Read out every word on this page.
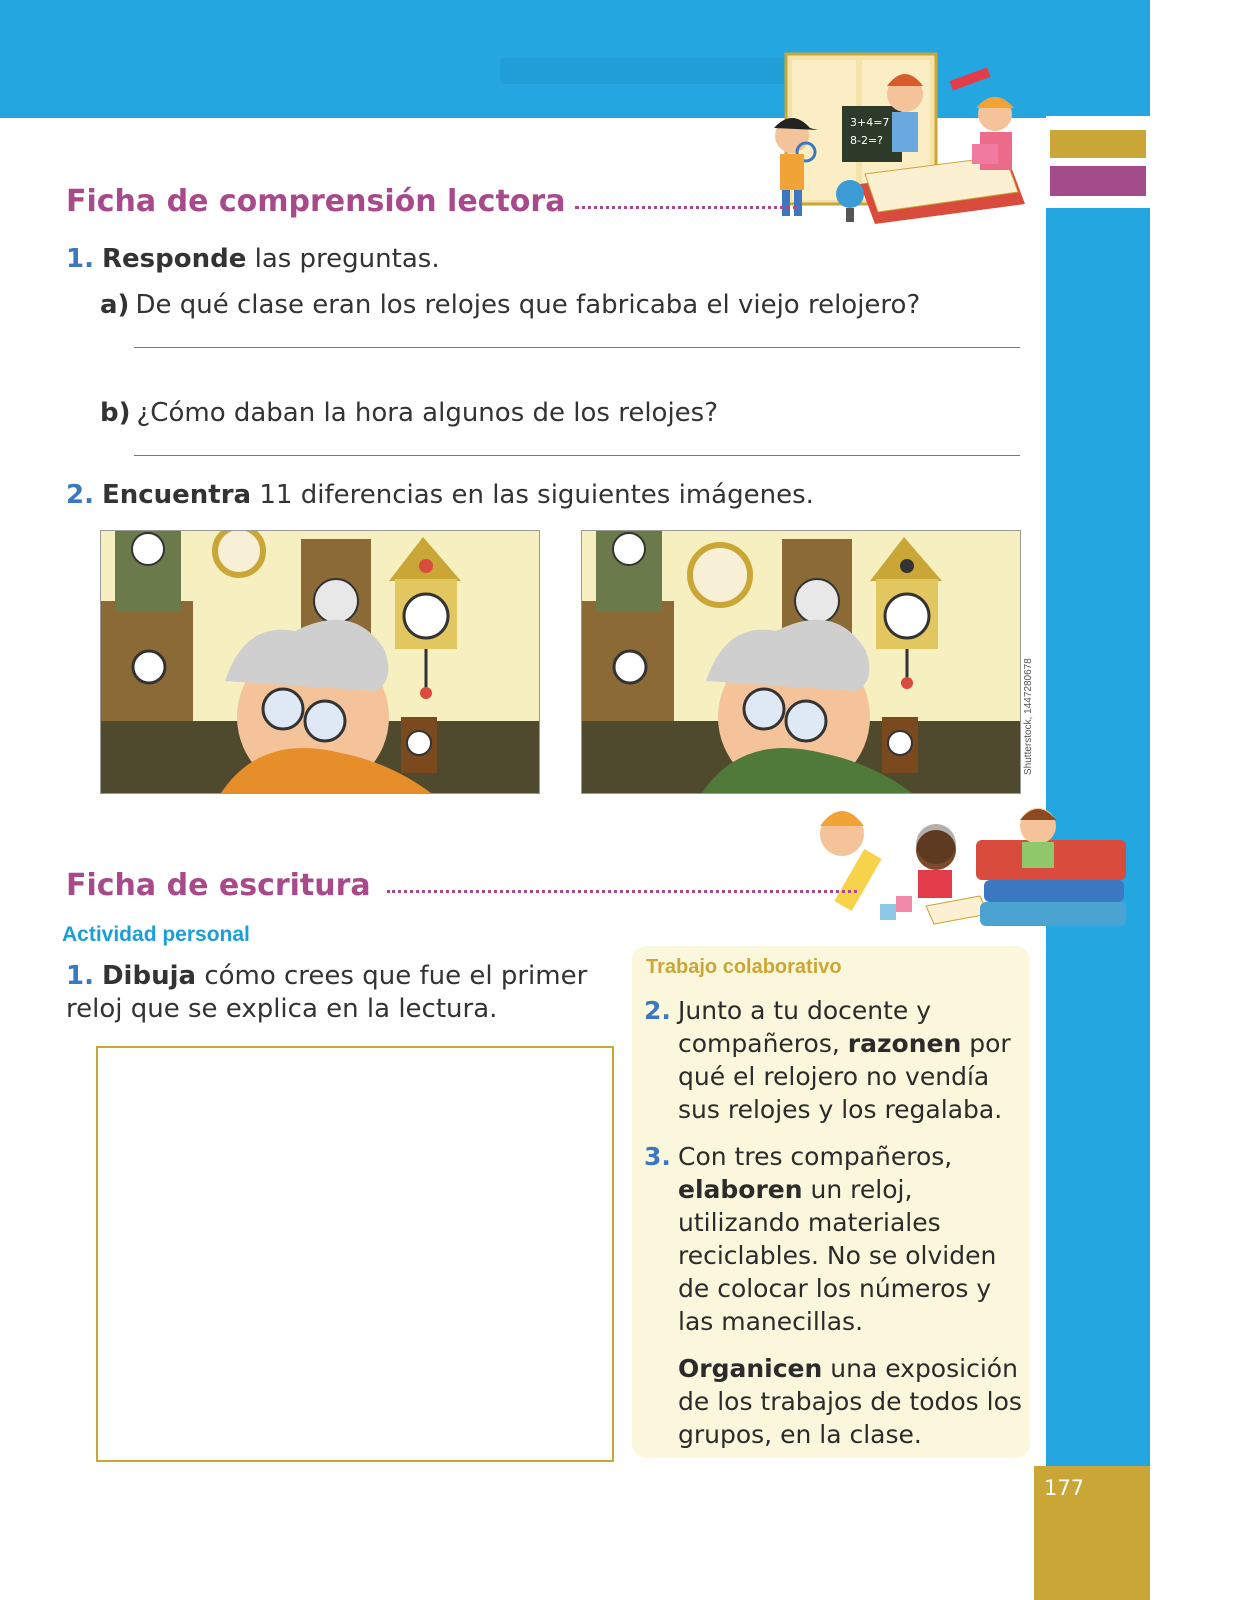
177
Shutterstock, 1447280678
3+4=7
8-2=?
Ficha de comprensión lectora
1. Responde las preguntas.
a) De qué clase eran los relojes que fabricaba el viejo relojero?
b) ¿Cómo daban la hora algunos de los relojes?
2. Encuentra 11 diferencias en las siguientes imágenes.
Ficha de escritura
Actividad personal
1. Dibuja cómo crees que fue el primer reloj que se explica en la lectura.
Trabajo colaborativo
2. Junto a tu docente y compañeros, razonen por qué el relojero no vendía sus relojes y los regalaba.
3. Con tres compañeros, elaboren un reloj, utilizando materiales reciclables. No se olviden de colocar los números y las manecillas.
Organicen una exposición de los trabajos de todos los grupos, en la clase.
